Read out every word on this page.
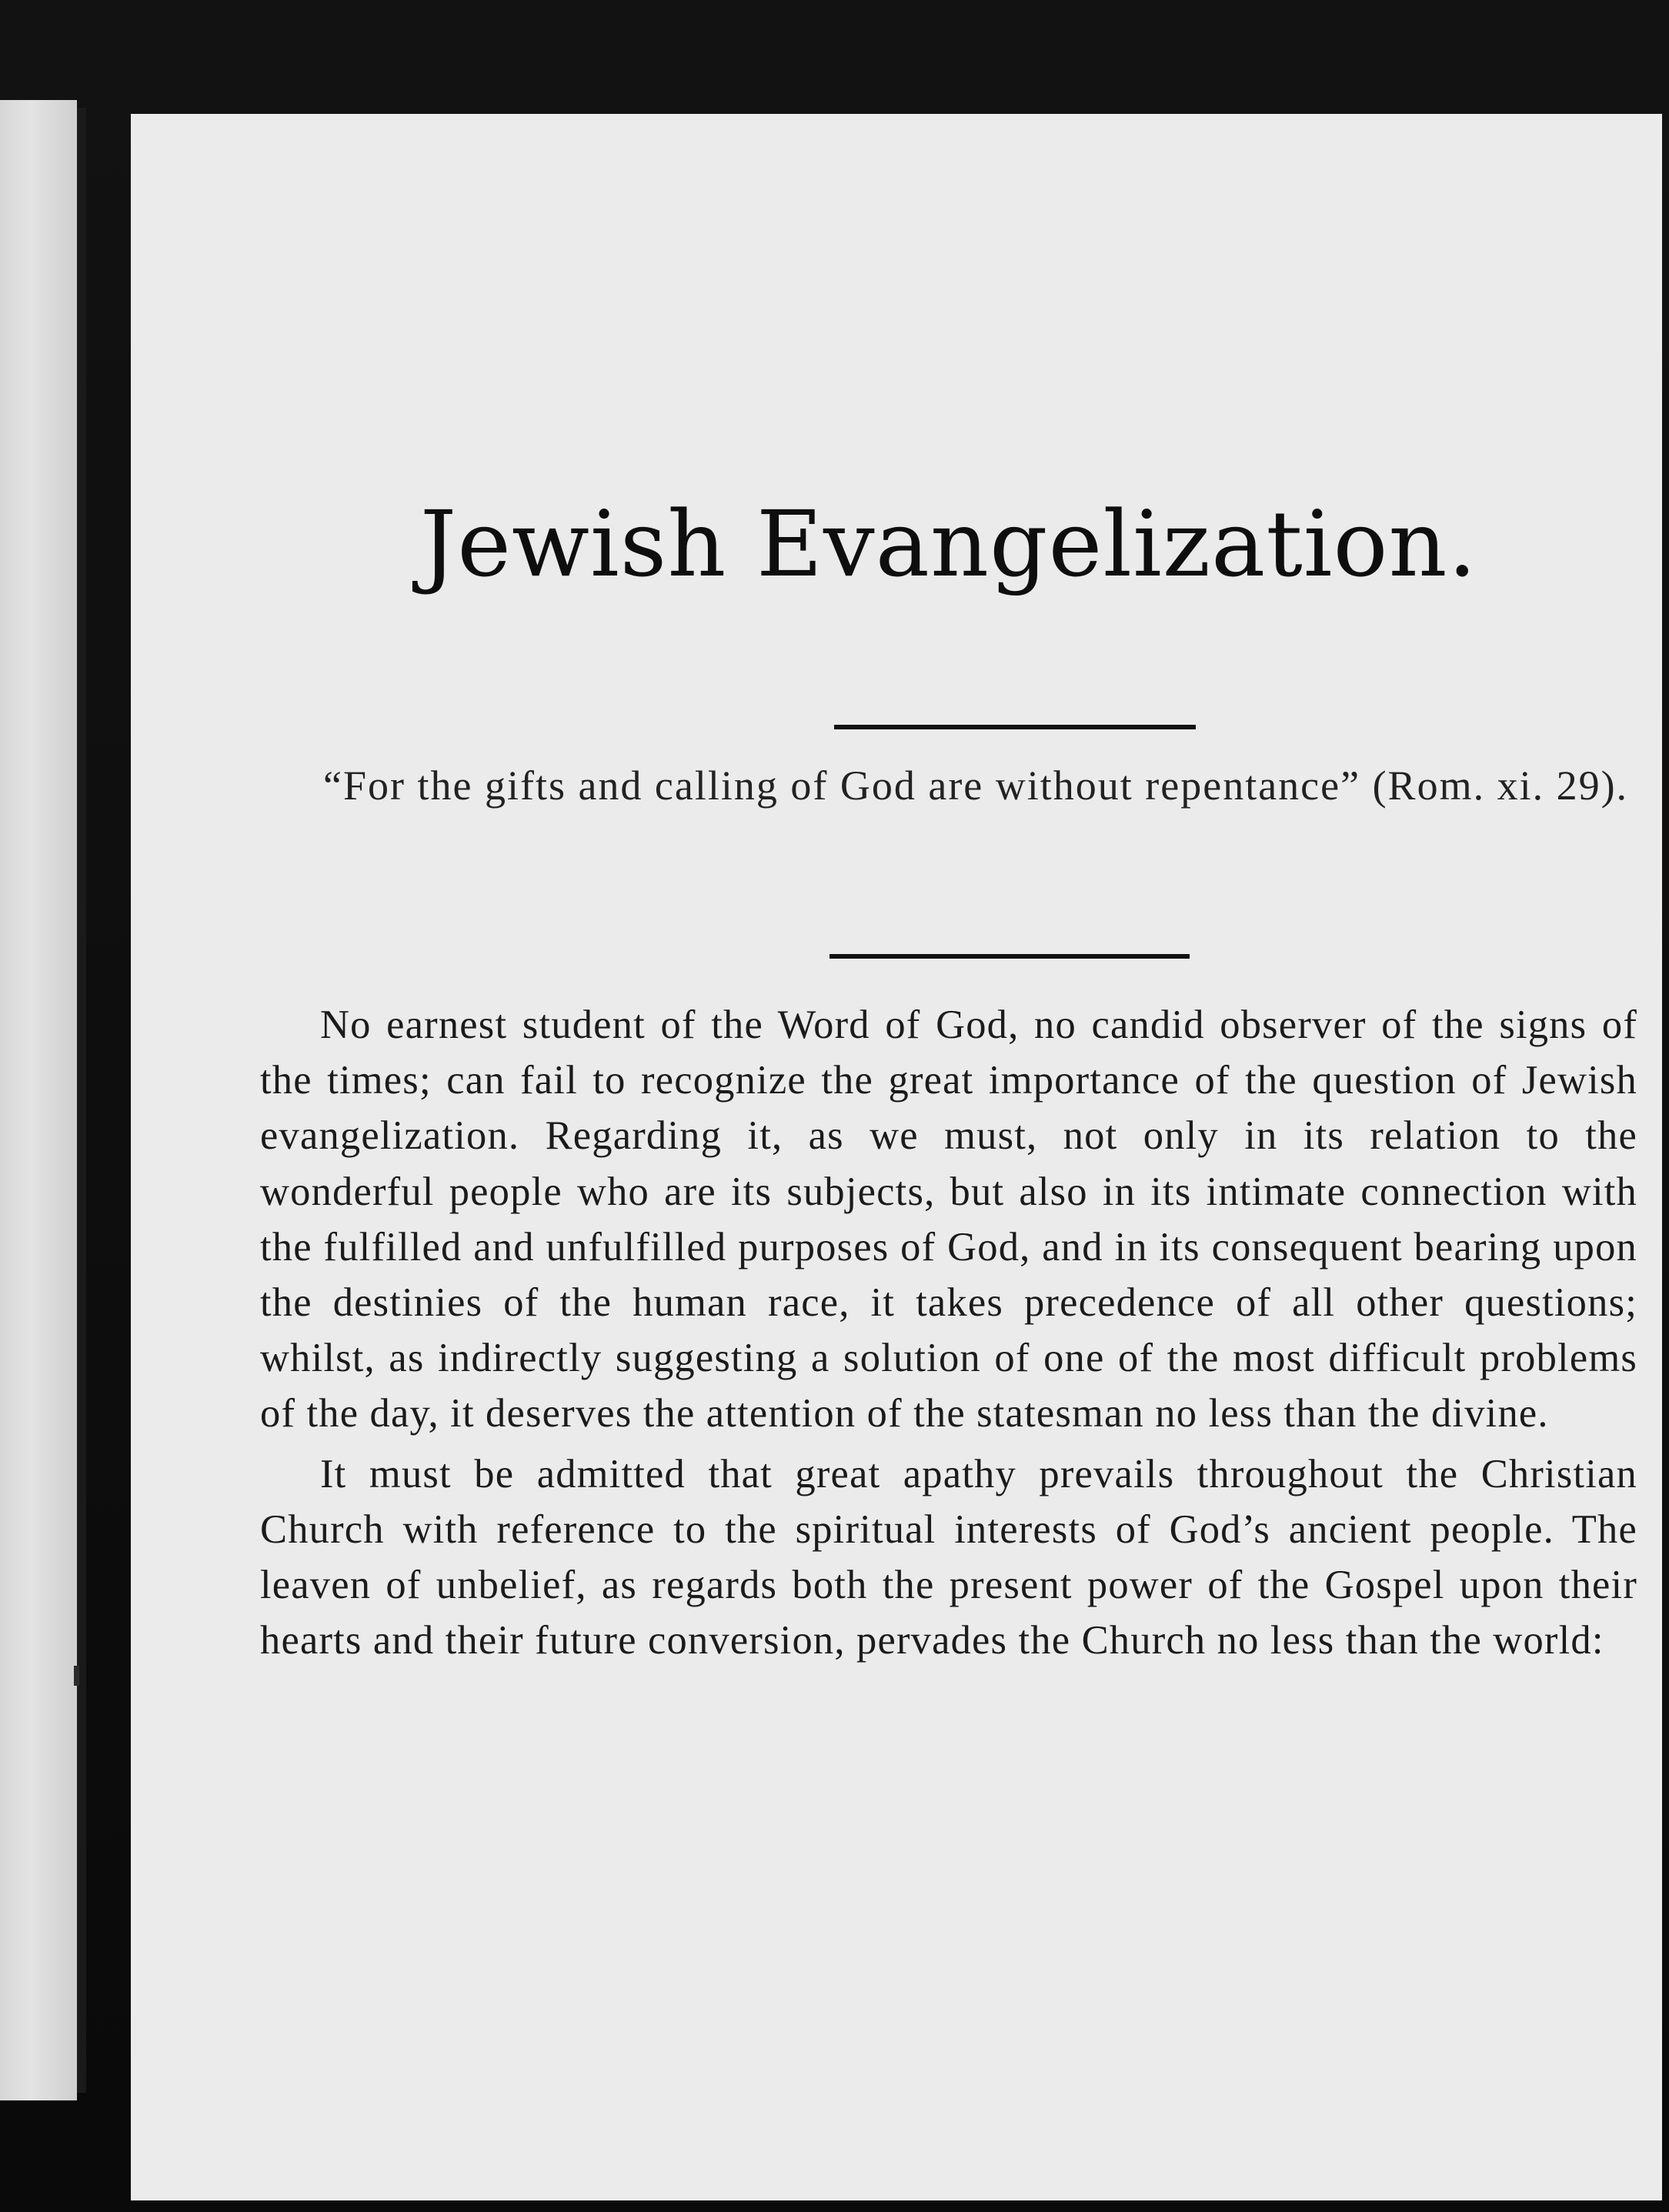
Jewish Evangelization.

“For the gifts and calling of God are without repentance” (Rom. xi. 29).

No earnest student of the Word of God, no candid observer of the signs of the times; can fail to recognize the great importance of the question of Jewish evangelization. Regarding it, as we must, not only in its relation to the wonderful people who are its subjects, but also in its intimate connection with the fulfilled and unfulfilled purposes of God, and in its consequent bearing upon the destinies of the human race, it takes precedence of all other questions; whilst, as indirectly suggesting a solution of one of the most difficult problems of the day, it deserves the attention of the statesman no less than the divine.

It must be admitted that great apathy prevails throughout the Christian Church with reference to the spiritual interests of God’s ancient people. The leaven of unbelief, as regards both the present power of the Gospel upon their hearts and their future conversion, pervades the Church no less than the world:
